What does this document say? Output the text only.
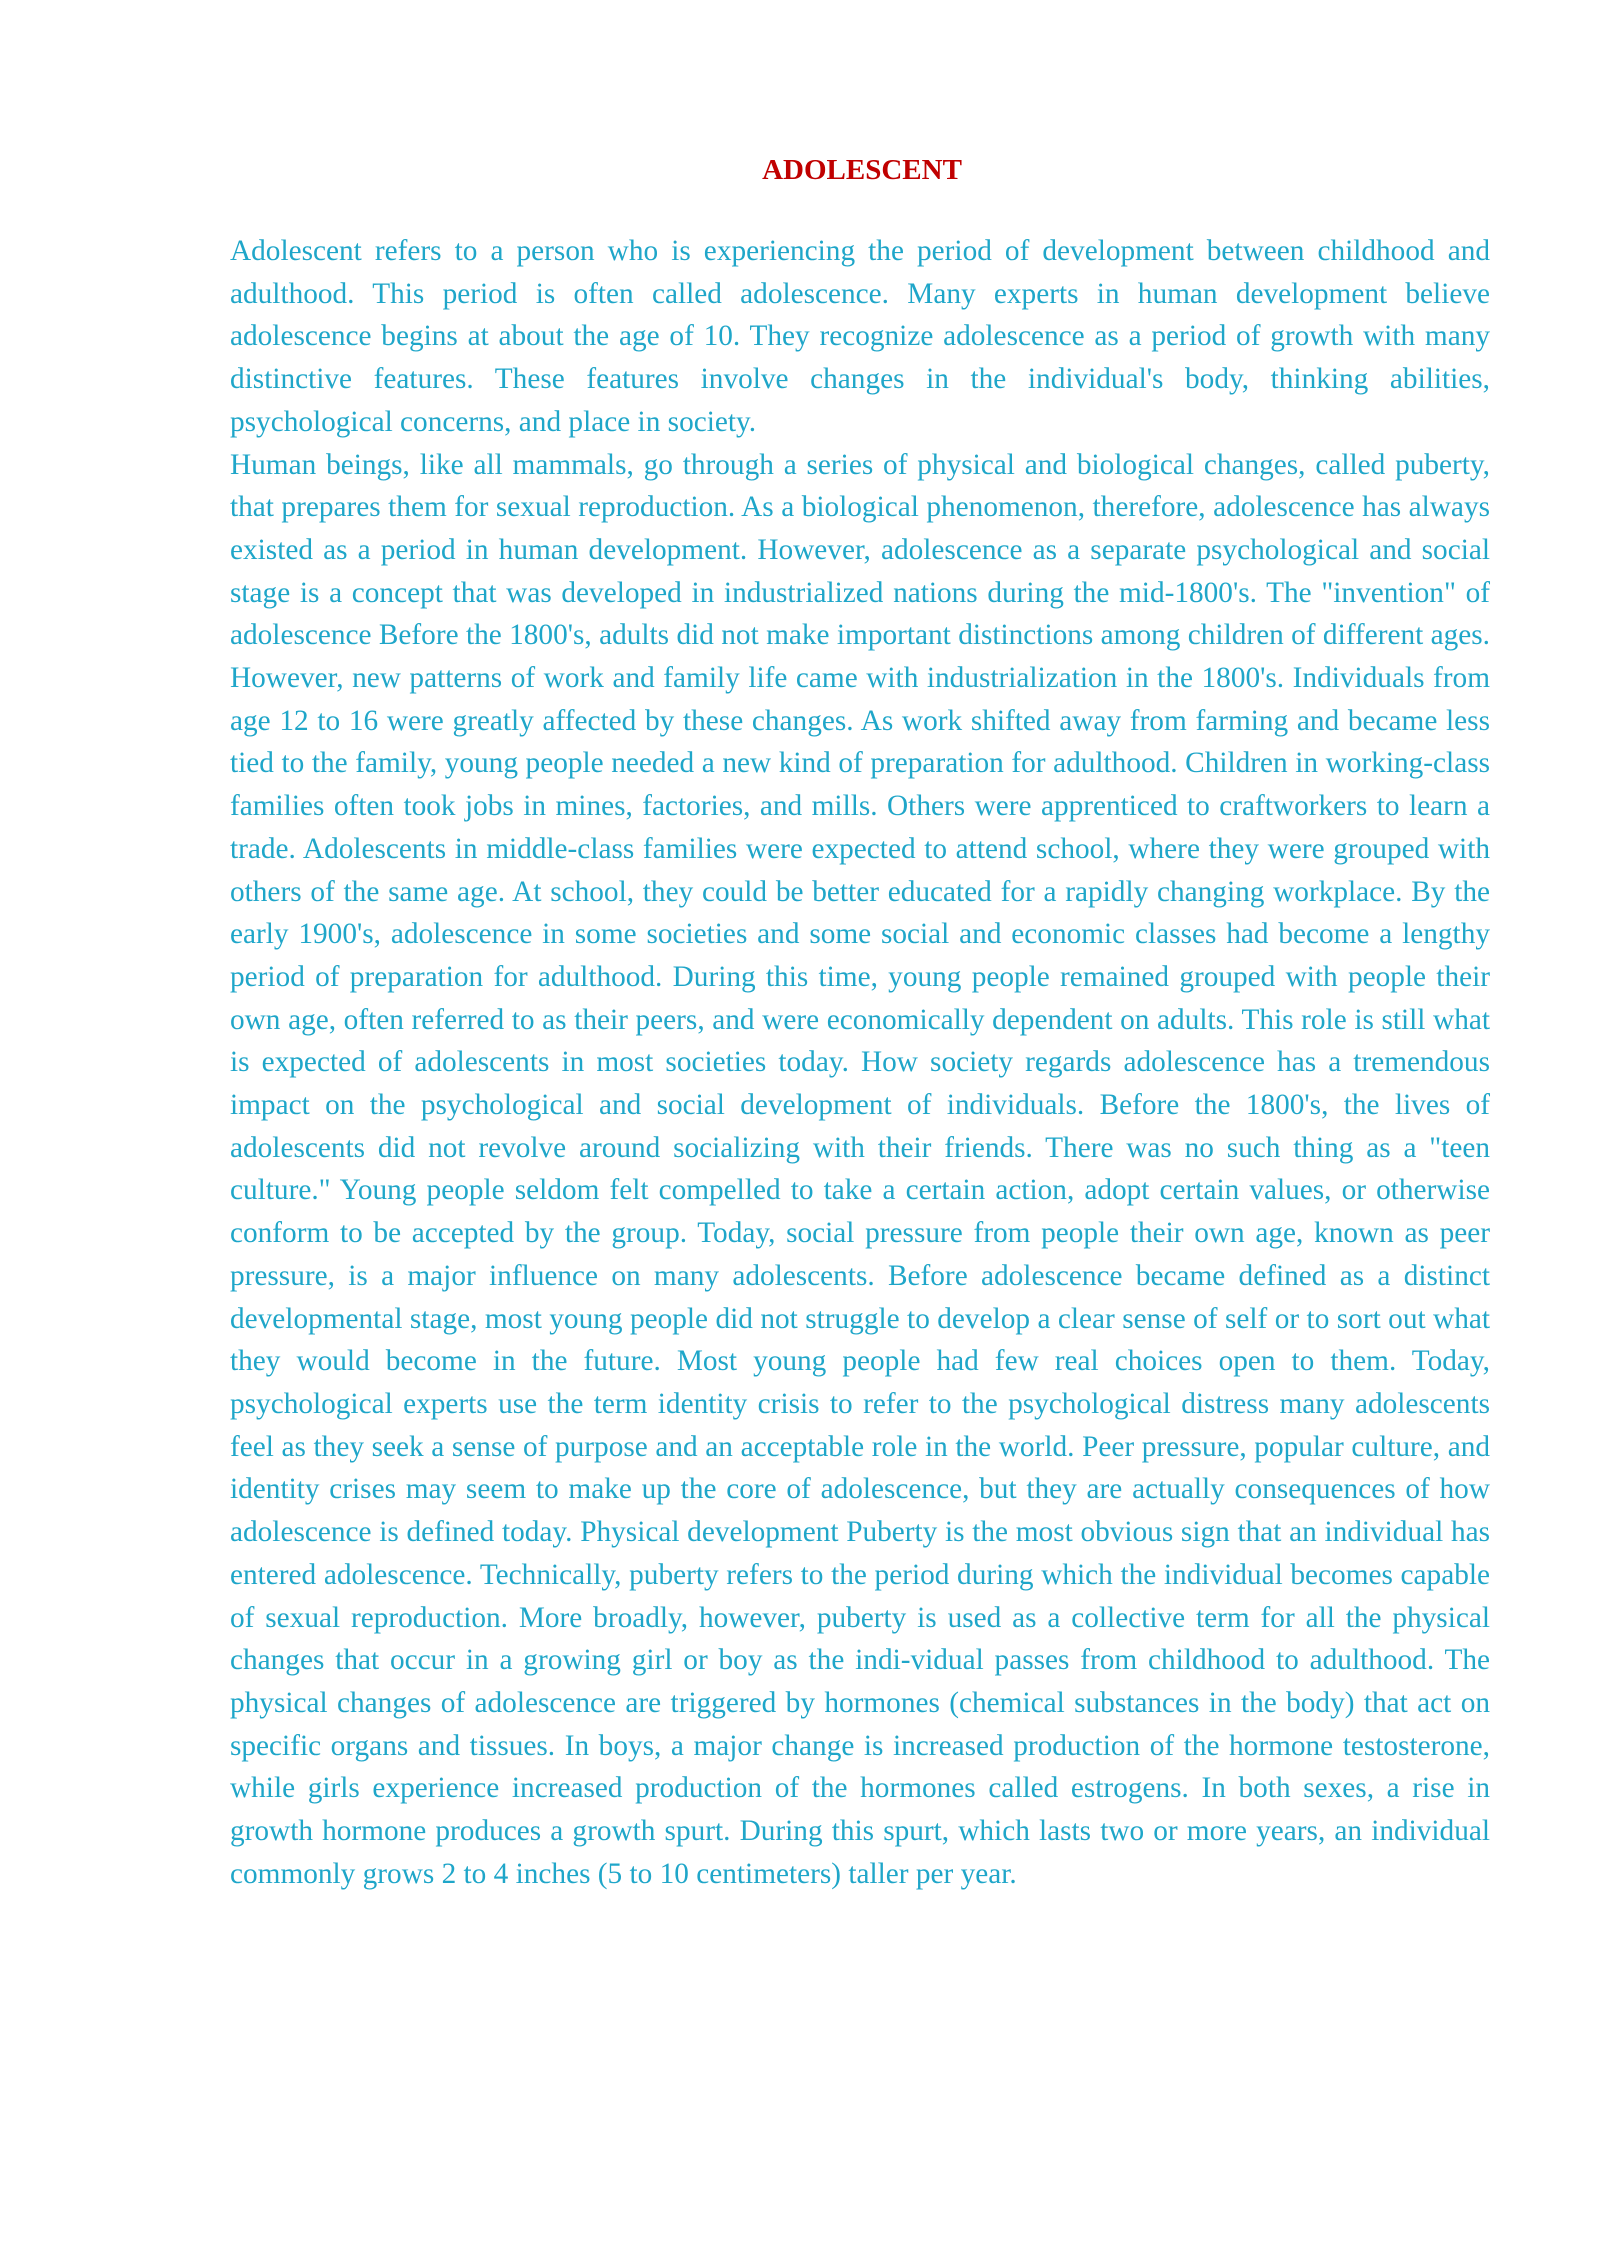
ADOLESCENT

Adolescent refers to a person who is experiencing the period of development between childhood and adulthood. This period is often called adolescence. Many experts in human development believe adolescence begins at about the age of 10. They recognize adolescence as a period of growth with many distinctive features. These features involve changes in the individual's body, thinking abilities, psychological concerns, and place in society.

Human beings, like all mammals, go through a series of physical and biological changes, called puberty, that prepares them for sexual reproduction. As a biological phenomenon, therefore, adolescence has always existed as a period in human development. However, adolescence as a separate psychological and social stage is a concept that was developed in industrialized nations during the mid-1800's. The "invention" of adolescence Before the 1800's, adults did not make important distinctions among children of different ages. However, new patterns of work and family life came with industrialization in the 1800's. Individuals from age 12 to 16 were greatly affected by these changes. As work shifted away from farming and became less tied to the family, young people needed a new kind of preparation for adulthood. Children in working-class families often took jobs in mines, factories, and mills. Others were apprenticed to craftworkers to learn a trade. Adolescents in middle-class families were expected to attend school, where they were grouped with others of the same age. At school, they could be better educated for a rapidly changing workplace. By the early 1900's, adolescence in some societies and some social and economic classes had become a lengthy period of preparation for adulthood. During this time, young people remained grouped with people their own age, often referred to as their peers, and were economically dependent on adults. This role is still what is expected of adolescents in most societies today. How society regards adolescence has a tremendous impact on the psychological and social development of individuals. Before the 1800's, the lives of adolescents did not revolve around socializing with their friends. There was no such thing as a "teen culture." Young people seldom felt compelled to take a certain action, adopt certain values, or otherwise conform to be accepted by the group. Today, social pressure from people their own age, known as peer pressure, is a major influence on many adolescents. Before adolescence became defined as a distinct developmental stage, most young people did not struggle to develop a clear sense of self or to sort out what they would become in the future. Most young people had few real choices open to them. Today, psychological experts use the term identity crisis to refer to the psychological distress many adolescents feel as they seek a sense of purpose and an acceptable role in the world. Peer pressure, popular culture, and identity crises may seem to make up the core of adolescence, but they are actually consequences of how adolescence is defined today. Physical development Puberty is the most obvious sign that an individual has entered adolescence. Technically, puberty refers to the period during which the individual becomes capable of sexual reproduction. More broadly, however, puberty is used as a collective term for all the physical changes that occur in a growing girl or boy as the indi-vidual passes from childhood to adulthood. The physical changes of adolescence are triggered by hormones (chemical substances in the body) that act on specific organs and tissues. In boys, a major change is increased production of the hormone testosterone, while girls experience increased production of the hormones called estrogens. In both sexes, a rise in growth hormone produces a growth spurt. During this spurt, which lasts two or more years, an individual commonly grows 2 to 4 inches (5 to 10 centimeters) taller per year.
